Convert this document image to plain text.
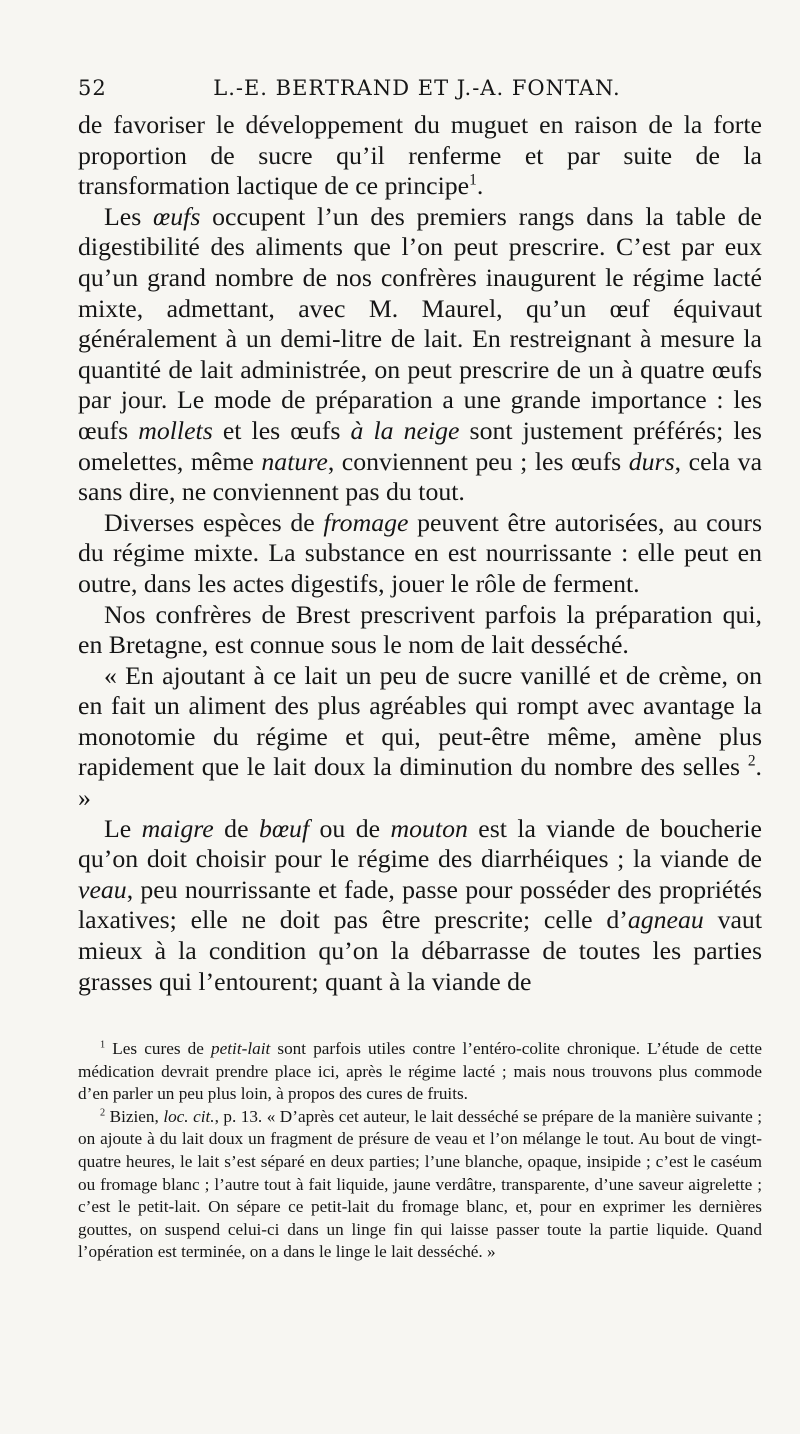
52	L.-E. BERTRAND ET J.-A. FONTAN.

de favoriser le développement du muguet en raison de la forte proportion de sucre qu’il renferme et par suite de la transformation lactique de ce principe$^1$.

Les œufs occupent l’un des premiers rangs dans la table de digestibilité des aliments que l’on peut prescrire. C’est par eux qu’un grand nombre de nos confrères inaugurent le régime lacté mixte, admettant, avec M. Maurel, qu’un œuf équivaut généralement à un demi-litre de lait. En restreignant à mesure la quantité de lait administrée, on peut prescrire de un à quatre œufs par jour. Le mode de préparation a une grande importance : les œufs mollets et les œufs à la neige sont justement préférés; les omelettes, même nature, conviennent peu ; les œufs durs, cela va sans dire, ne conviennent pas du tout.

Diverses espèces de fromage peuvent être autorisées, au cours du régime mixte. La substance en est nourrissante : elle peut en outre, dans les actes digestifs, jouer le rôle de ferment.

Nos confrères de Brest prescrivent parfois la préparation qui, en Bretagne, est connue sous le nom de lait desséché.

« En ajoutant à ce lait un peu de sucre vanillé et de crème, on en fait un aliment des plus agréables qui rompt avec avantage la monotomie du régime et qui, peut-être même, amène plus rapidement que le lait doux la diminution du nombre des selles $^2$. »

Le maigre de bœuf ou de mouton est la viande de boucherie qu’on doit choisir pour le régime des diarrhéiques ; la viande de veau, peu nourrissante et fade, passe pour posséder des propriétés laxatives; elle ne doit pas être prescrite; celle d’agneau vaut mieux à la condition qu’on la débarrasse de toutes les parties grasses qui l’entourent; quant à la viande de

$^1$ Les cures de petit-lait sont parfois utiles contre l’entéro-colite chronique. L’étude de cette médication devrait prendre place ici, après le régime lacté ; mais nous trouvons plus commode d’en parler un peu plus loin, à propos des cures de fruits.

$^2$ Bizien, loc. cit., p. 13. « D’après cet auteur, le lait desséché se prépare de la manière suivante ; on ajoute à du lait doux un fragment de présure de veau et l’on mélange le tout. Au bout de vingt-quatre heures, le lait s’est séparé en deux parties; l’une blanche, opaque, insipide ; c’est le caséum ou fromage blanc ; l’autre tout à fait liquide, jaune verdâtre, transparente, d’une saveur aigrelette ; c’est le petit-lait. On sépare ce petit-lait du fromage blanc, et, pour en exprimer les dernières gouttes, on suspend celui-ci dans un linge fin qui laisse passer toute la partie liquide. Quand l’opération est terminée, on a dans le linge le lait desséché. »
